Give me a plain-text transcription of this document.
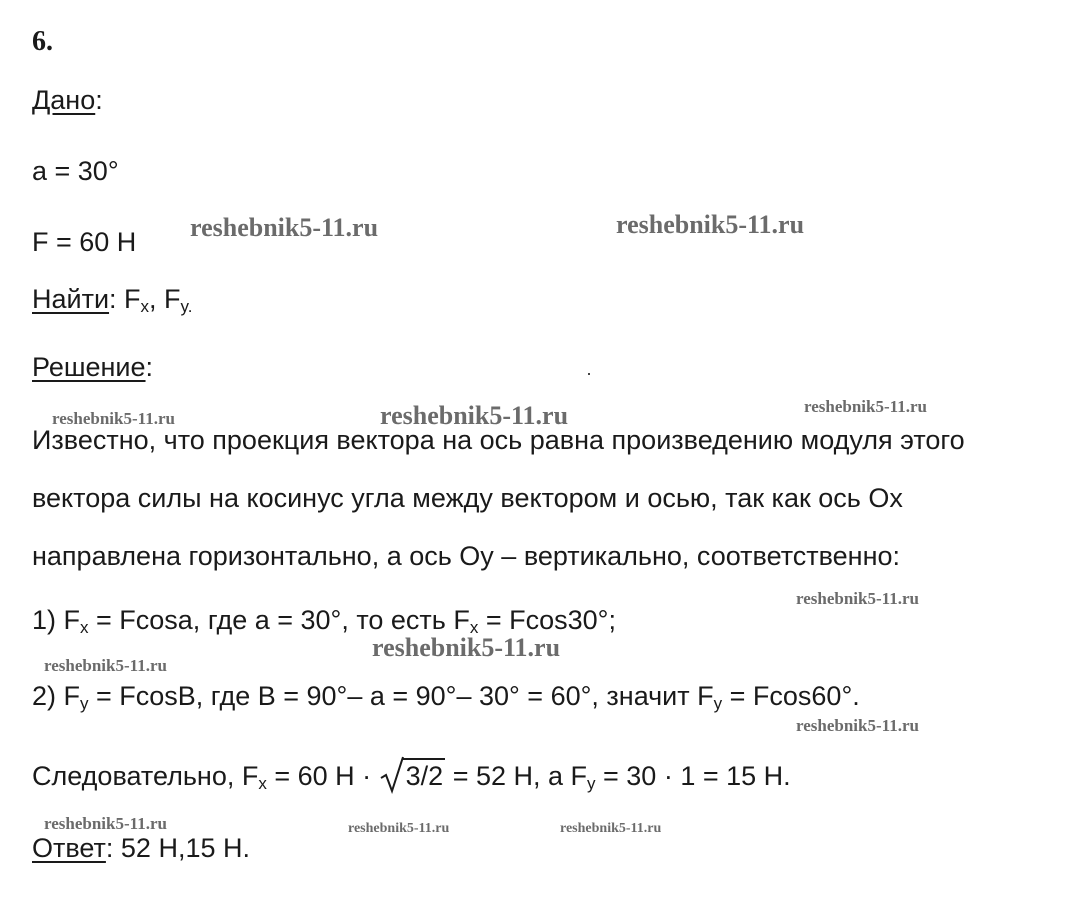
6.
Дано:
a = 30°
F = 60 Н
Найти: $F_x$, $F_{y.}$
Решение:
Известно, что проекция вектора на ось равна произведению модуля этого
вектора силы на косинус угла между вектором и осью, так как ось Ox
направлена горизонтально, а ось Oy – вертикально, соответственно:
1) $F_x = Fcosa$, где a = 30°, то есть $F_x = Fcos30^\circ$;
2) $F_y = FcosB$, где B = 90°– a = 90°– 30° = 60°, значит $F_y = Fcos60^\circ$.
Следовательно, $F_x = 60$ Н ·
3/2 = 52 Н, а $F_y = 30 \cdot 1 = 15$ Н.
Ответ: 52 Н,15 Н.
reshebnik5-11.ru	reshebnik5-11.ru
reshebnik5-11.ru	reshebnik5-11.ru	reshebnik5-11.ru
reshebnik5-11.ru
reshebnik5-11.ru
reshebnik5-11.ru
reshebnik5-11.ru
reshebnik5-11.ru	reshebnik5-11.ru	reshebnik5-11.ru
